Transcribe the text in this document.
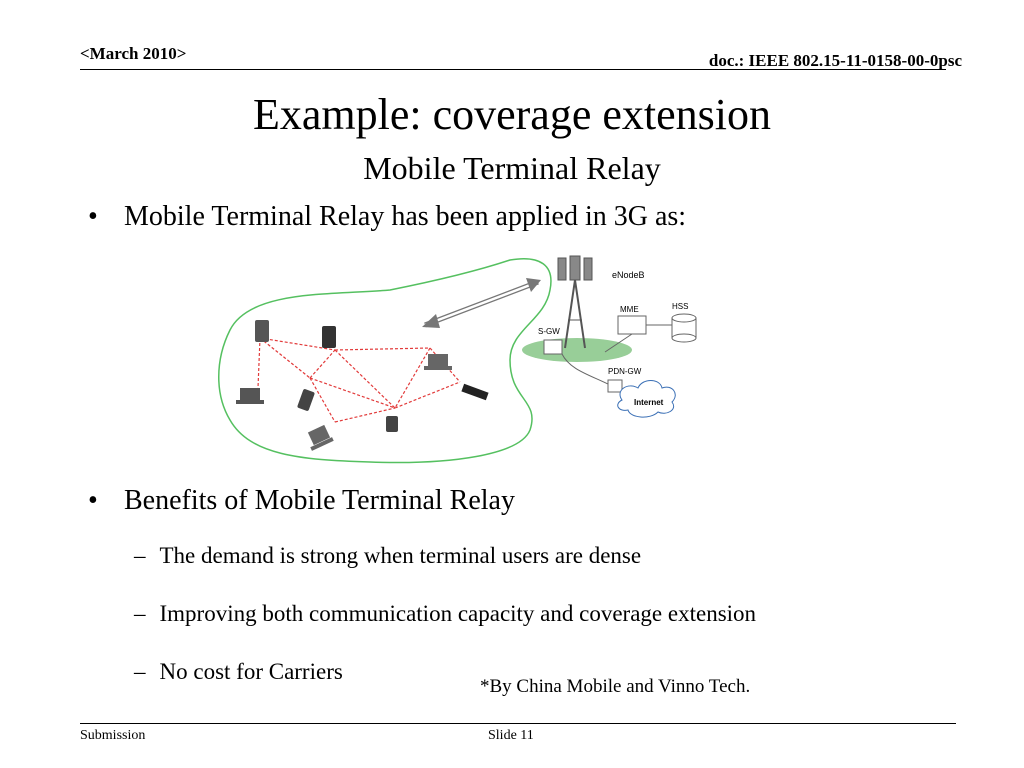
<March 2010>	doc.: IEEE 802.15-11-0158-00-0psc
Example: coverage extension
Mobile Terminal Relay
• Mobile Terminal Relay has been applied in 3G as:
eNodeB
MME	HSS
S-GW
PDN-GW
Internet
• Benefits of Mobile Terminal Relay
– The demand is strong when terminal users are dense
– Improving both communication capacity and coverage extension
– No cost for Carriers
*By China Mobile and Vinno Tech.
Submission	Slide 11
